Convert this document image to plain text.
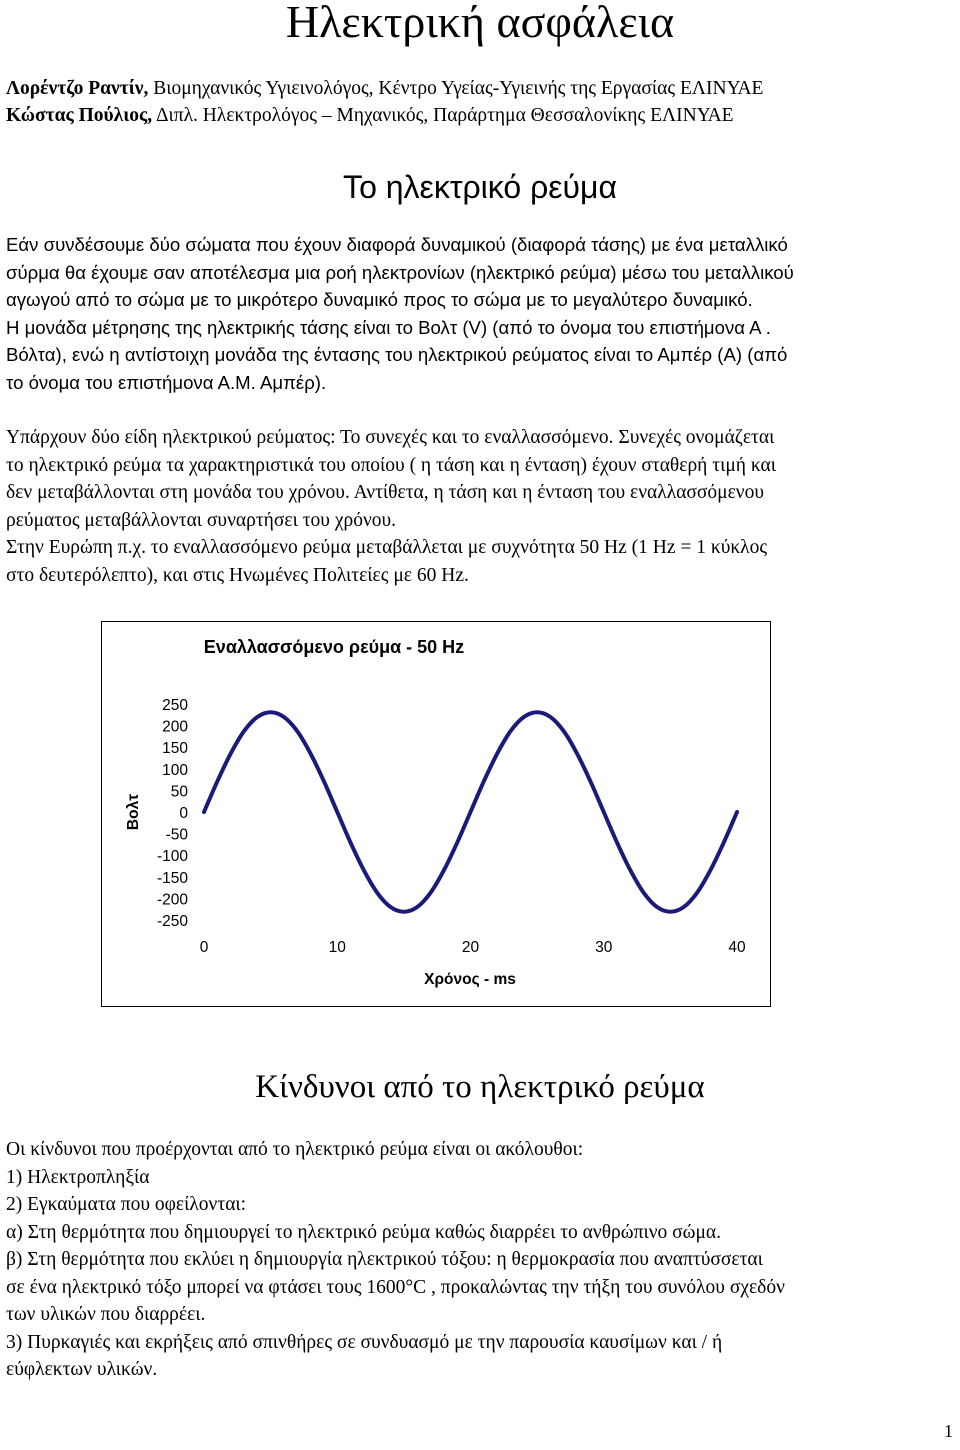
Ηλεκτρική ασφάλεια
Λορέντζο Ραντίν, Βιομηχανικός Υγιεινολόγος, Κέντρο Υγείας-Υγιεινής της Εργασίας ΕΛΙΝΥΑΕ
Κώστας Πούλιος, Διπλ. Ηλεκτρολόγος – Μηχανικός, Παράρτημα Θεσσαλονίκης ΕΛΙΝΥΑΕ
Το ηλεκτρικό ρεύμα
Εάν συνδέσουμε δύο σώματα που έχουν διαφορά δυναμικού (διαφορά τάσης) με ένα μεταλλικό
σύρμα θα έχουμε σαν αποτέλεσμα μια ροή ηλεκτρονίων (ηλεκτρικό ρεύμα) μέσω του μεταλλικού
αγωγού από το σώμα με το μικρότερο δυναμικό προς το σώμα με το μεγαλύτερο δυναμικό.
Η μονάδα μέτρησης της ηλεκτρικής τάσης είναι το Βολτ (V) (από το όνομα του επιστήμονα Α .
Βόλτα), ενώ η αντίστοιχη μονάδα της έντασης του ηλεκτρικού ρεύματος είναι το Αμπέρ (A) (από
το όνομα του επιστήμονα Α.Μ. Αμπέρ).
Υπάρχουν δύο είδη ηλεκτρικού ρεύματος: Το συνεχές και το εναλλασσόμενο. Συνεχές ονομάζεται
το ηλεκτρικό ρεύμα τα χαρακτηριστικά του οποίου ( η τάση και η ένταση) έχουν σταθερή τιμή και
δεν μεταβάλλονται στη μονάδα του χρόνου. Αντίθετα, η τάση και η ένταση του εναλλασσόμενου
ρεύματος μεταβάλλονται συναρτήσει του χρόνου.
Στην Ευρώπη π.χ. το εναλλασσόμενο ρεύμα μεταβάλλεται με συχνότητα 50 Hz (1 Hz = 1 κύκλος
στο δευτερόλεπτο), και στις Ηνωμένες Πολιτείες με 60 Hz.
Εναλλασσόμενο ρεύμα - 50 Hz
250
200
150
100
50
0
-50
-100
-150
-200
-250
0	10	20	30	40
Χρόνος - ms
Βολτ
Κίνδυνοι από το ηλεκτρικό ρεύμα
Οι κίνδυνοι που προέρχονται από το ηλεκτρικό ρεύμα είναι οι ακόλουθοι:
1) Ηλεκτροπληξία
2) Εγκαύματα που οφείλονται:
α) Στη θερμότητα που δημιουργεί το ηλεκτρικό ρεύμα καθώς διαρρέει το ανθρώπινο σώμα.
β) Στη θερμότητα που εκλύει η δημιουργία ηλεκτρικού τόξου: η θερμοκρασία που αναπτύσσεται
σε ένα ηλεκτρικό τόξο μπορεί να φτάσει τους 1600°C , προκαλώντας την τήξη του συνόλου σχεδόν
των υλικών που διαρρέει.
3) Πυρκαγιές και εκρήξεις από σπινθήρες σε συνδυασμό με την παρουσία καυσίμων και / ή
εύφλεκτων υλικών.
1
